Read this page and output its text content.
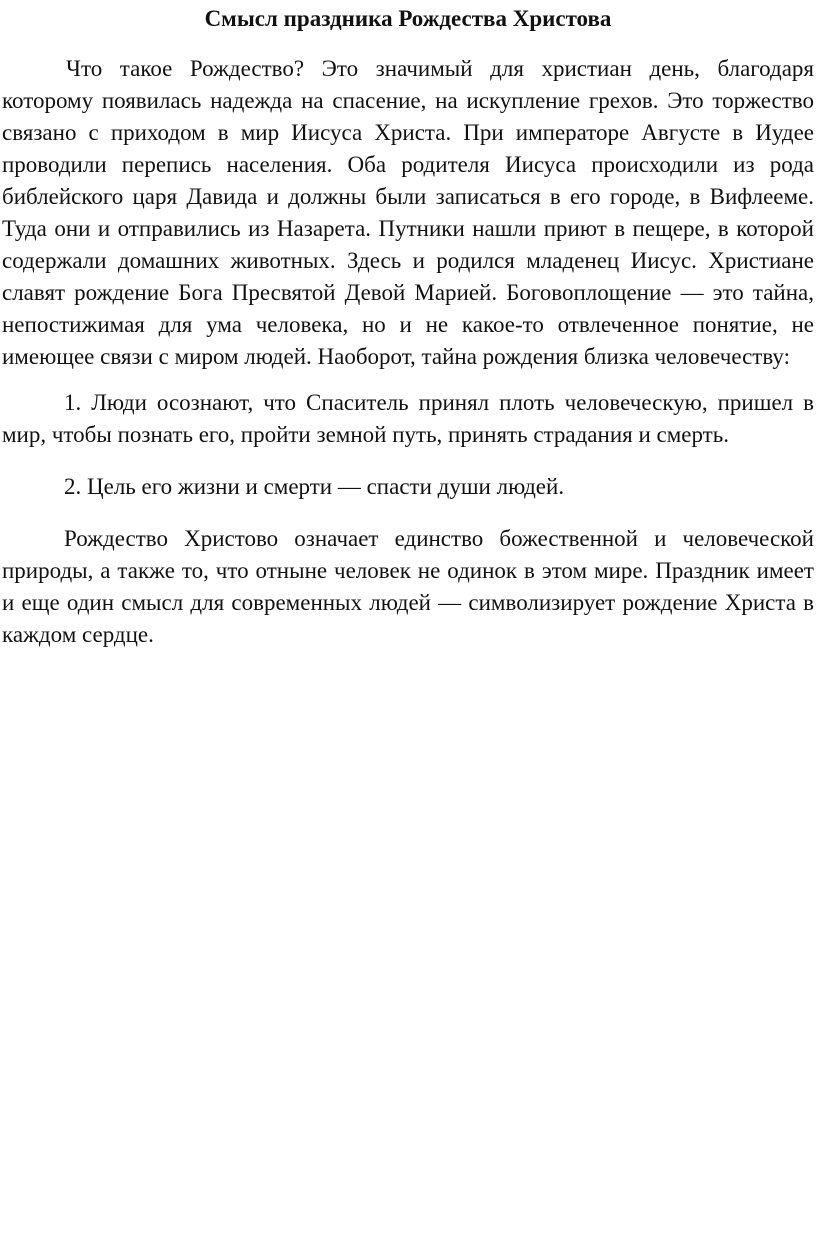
Смысл праздника Рождества Христова

Что такое Рождество? Это значимый для христиан день, благодаря которому появилась надежда на спасение, на искупление грехов. Это торжество связано с приходом в мир Иисуса Христа. При императоре Августе в Иудее проводили перепись населения. Оба родителя Иисуса происходили из рода библейского царя Давида и должны были записаться в его городе, в Вифлееме. Туда они и отправились из Назарета. Путники нашли приют в пещере, в которой содержали домашних животных. Здесь и родился младенец Иисус. Христиане славят рождение Бога Пресвятой Девой Марией. Боговоплощение — это тайна, непостижимая для ума человека, но и не какое-то отвлеченное понятие, не имеющее связи с миром людей. Наоборот, тайна рождения близка человечеству:

1. Люди осознают, что Спаситель принял плоть человеческую, пришел в мир, чтобы познать его, пройти земной путь, принять страдания и смерть.

2. Цель его жизни и смерти — спасти души людей.

Рождество Христово означает единство божественной и человеческой природы, а также то, что отныне человек не одинок в этом мире. Праздник имеет и еще один смысл для современных людей — символизирует рождение Христа в каждом сердце.
